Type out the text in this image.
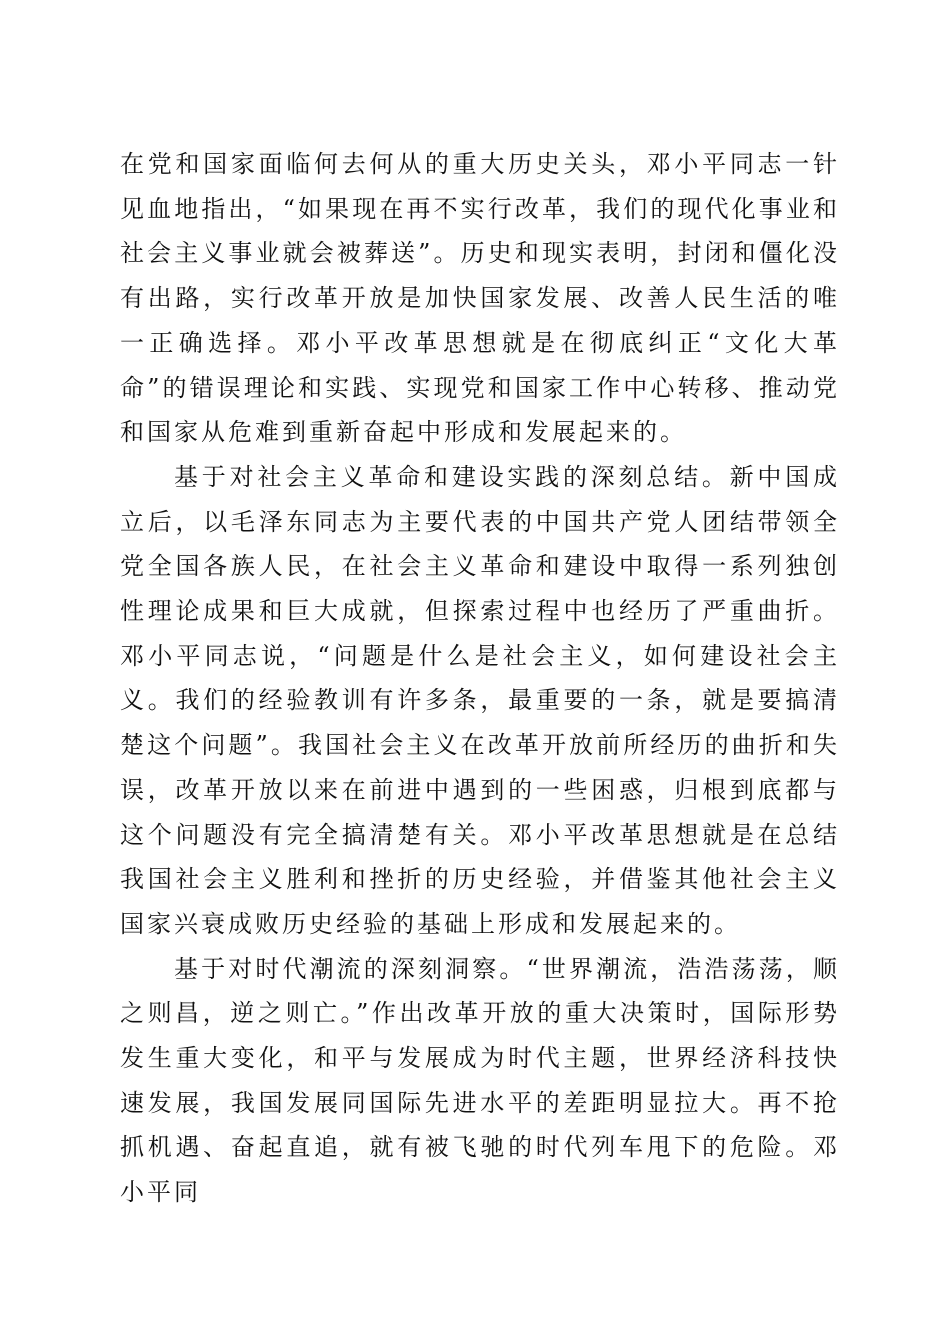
在党和国家面临何去何从的重大历史关头，邓小平同志一针见血地指出，“如果现在再不实行改革，我们的现代化事业和社会主义事业就会被葬送”。历史和现实表明，封闭和僵化没有出路，实行改革开放是加快国家发展、改善人民生活的唯一正确选择。邓小平改革思想就是在彻底纠正“文化大革命”的错误理论和实践、实现党和国家工作中心转移、推动党和国家从危难到重新奋起中形成和发展起来的。

基于对社会主义革命和建设实践的深刻总结。新中国成立后，以毛泽东同志为主要代表的中国共产党人团结带领全党全国各族人民，在社会主义革命和建设中取得一系列独创性理论成果和巨大成就，但探索过程中也经历了严重曲折。邓小平同志说，“问题是什么是社会主义，如何建设社会主义。我们的经验教训有许多条，最重要的一条，就是要搞清楚这个问题”。我国社会主义在改革开放前所经历的曲折和失误，改革开放以来在前进中遇到的一些困惑，归根到底都与这个问题没有完全搞清楚有关。邓小平改革思想就是在总结我国社会主义胜利和挫折的历史经验，并借鉴其他社会主义国家兴衰成败历史经验的基础上形成和发展起来的。

基于对时代潮流的深刻洞察。“世界潮流，浩浩荡荡，顺之则昌，逆之则亡。”作出改革开放的重大决策时，国际形势发生重大变化，和平与发展成为时代主题，世界经济科技快速发展，我国发展同国际先进水平的差距明显拉大。再不抢抓机遇、奋起直追，就有被飞驰的时代列车甩下的危险。邓小平同
